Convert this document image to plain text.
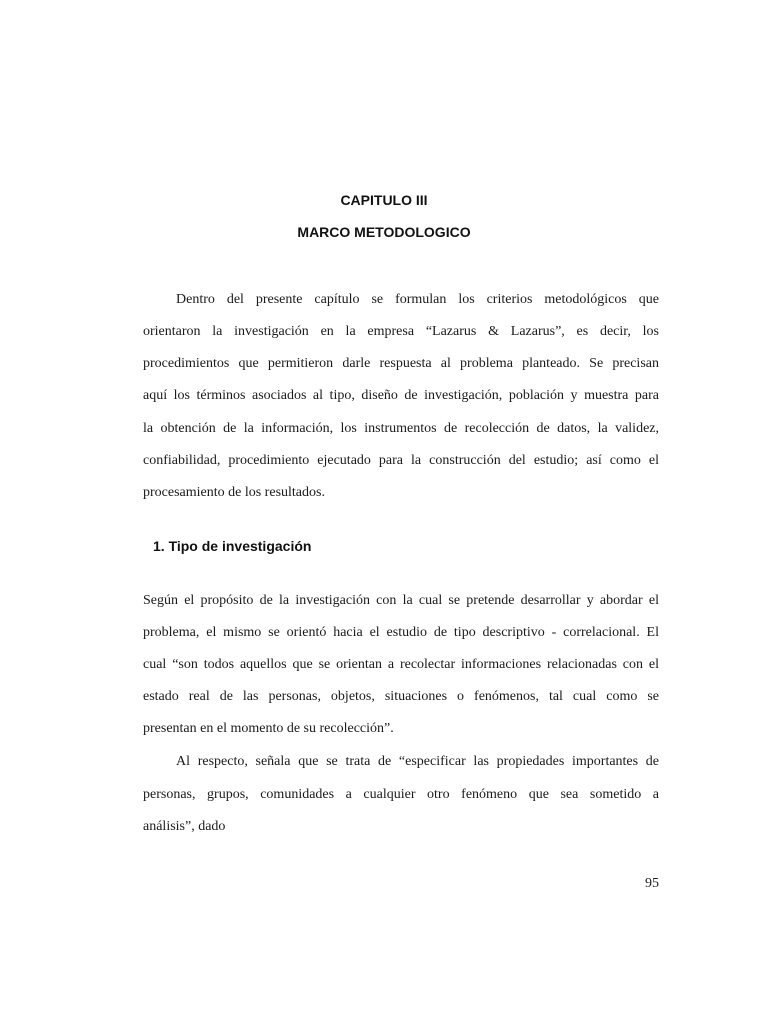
CAPITULO III
MARCO METODOLOGICO
Dentro del presente capítulo se formulan los criterios metodológicos que
orientaron la investigación en la empresa “Lazarus & Lazarus”, es decir, los
procedimientos que permitieron darle respuesta al problema planteado. Se precisan
aquí los términos asociados al tipo, diseño de investigación, población y muestra para
la obtención de la información, los instrumentos de recolección de datos, la validez,
confiabilidad, procedimiento ejecutado para la construcción del estudio; así como el
procesamiento de los resultados.
1. Tipo de investigación
Según el propósito de la investigación con la cual se pretende desarrollar y abordar el
problema, el mismo se orientó hacia el estudio de tipo descriptivo - correlacional. El
cual “son todos aquellos que se orientan a recolectar informaciones relacionadas con el
estado real de las personas, objetos, situaciones o fenómenos, tal cual como se
presentan en el momento de su recolección”.
Al respecto, señala que se trata de “especificar las propiedades importantes de
personas, grupos, comunidades a cualquier otro fenómeno que sea sometido a
análisis”, dado
95
